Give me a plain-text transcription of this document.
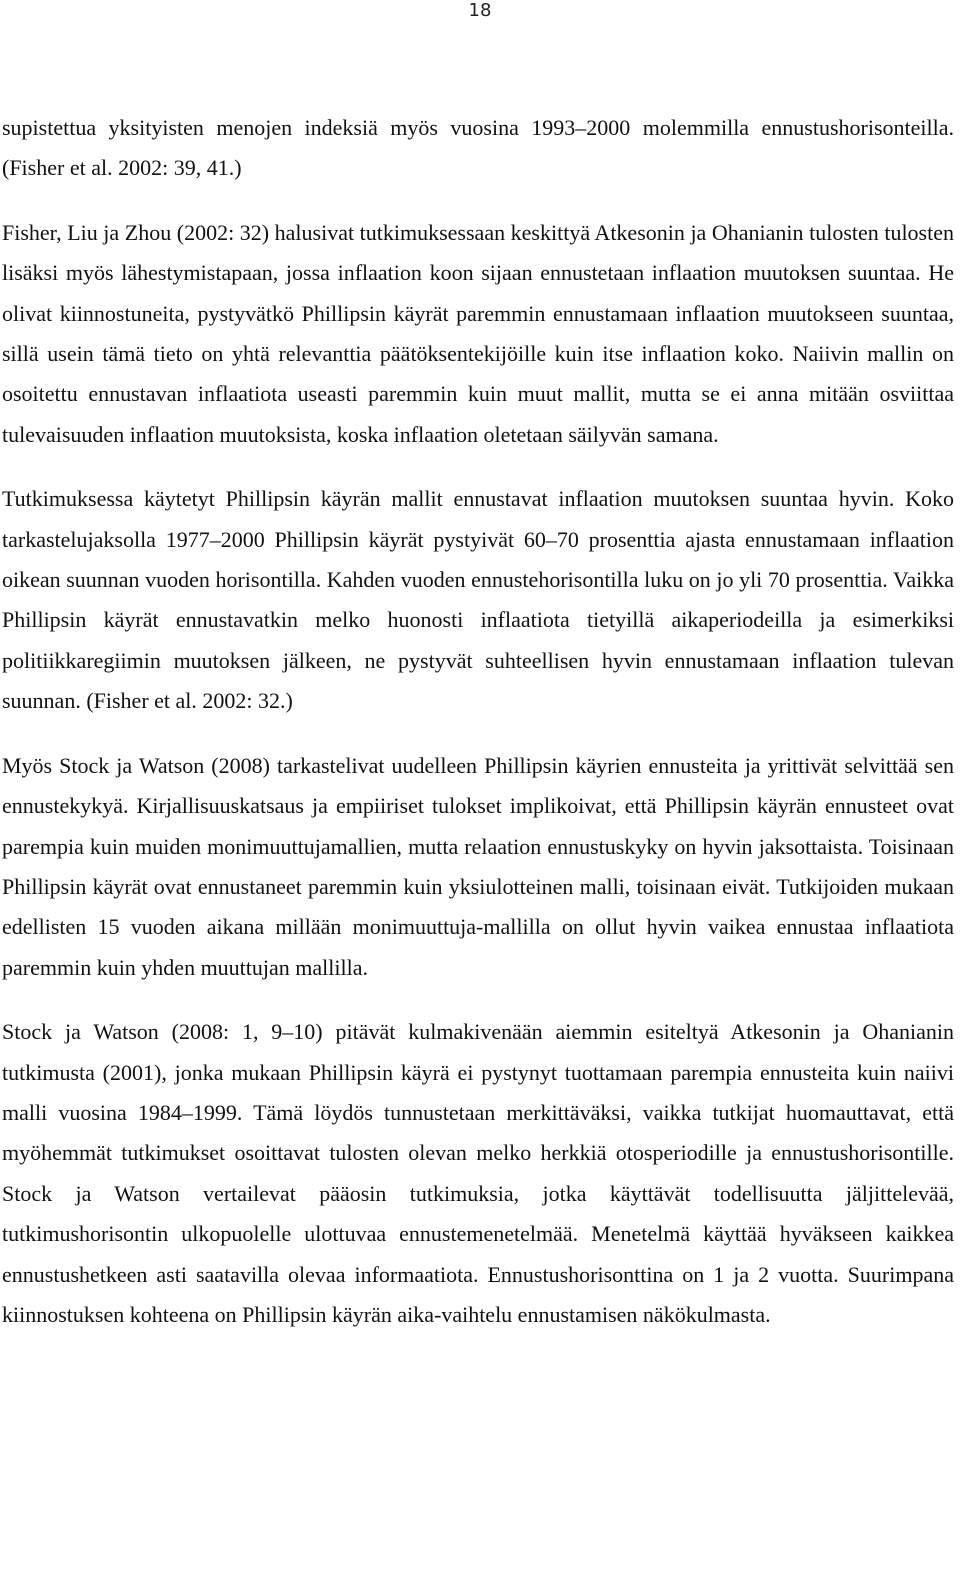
18

supistettua yksityisten menojen indeksiä myös vuosina 1993–2000 molemmilla ennustushorisonteilla. (Fisher et al. 2002: 39, 41.)

Fisher, Liu ja Zhou (2002: 32) halusivat tutkimuksessaan keskittyä Atkesonin ja Ohanianin tulosten tulosten lisäksi myös lähestymistapaan, jossa inflaation koon sijaan ennustetaan inflaation muutoksen suuntaa. He olivat kiinnostuneita, pystyvätkö Phillipsin käyrät paremmin ennustamaan inflaation muutokseen suuntaa, sillä usein tämä tieto on yhtä relevanttia päätöksentekijöille kuin itse inflaation koko. Naiivin mallin on osoitettu ennustavan inflaatiota useasti paremmin kuin muut mallit, mutta se ei anna mitään osviittaa tulevaisuuden inflaation muutoksista, koska inflaation oletetaan säilyvän samana.

Tutkimuksessa käytetyt Phillipsin käyrän mallit ennustavat inflaation muutoksen suuntaa hyvin. Koko tarkastelujaksolla 1977–2000 Phillipsin käyrät pystyivät 60–70 prosenttia ajasta ennustamaan inflaation oikean suunnan vuoden horisontilla. Kahden vuoden ennustehorisontilla luku on jo yli 70 prosenttia. Vaikka Phillipsin käyrät ennustavatkin melko huonosti inflaatiota tietyillä aikaperiodeilla ja esimerkiksi politiikkaregiimin muutoksen jälkeen, ne pystyvät suhteellisen hyvin ennustamaan inflaation tulevan suunnan. (Fisher et al. 2002: 32.)

Myös Stock ja Watson (2008) tarkastelivat uudelleen Phillipsin käyrien ennusteita ja yrittivät selvittää sen ennustekykyä. Kirjallisuuskatsaus ja empiiriset tulokset implikoivat, että Phillipsin käyrän ennusteet ovat parempia kuin muiden monimuuttujamallien, mutta relaation ennustuskyky on hyvin jaksottaista. Toisinaan Phillipsin käyrät ovat ennustaneet paremmin kuin yksiulotteinen malli, toisinaan eivät. Tutkijoiden mukaan edellisten 15 vuoden aikana millään monimuuttuja-mallilla on ollut hyvin vaikea ennustaa inflaatiota paremmin kuin yhden muuttujan mallilla.

Stock ja Watson (2008: 1, 9–10) pitävät kulmakivenään aiemmin esiteltyä Atkesonin ja Ohanianin tutkimusta (2001), jonka mukaan Phillipsin käyrä ei pystynyt tuottamaan parempia ennusteita kuin naiivi malli vuosina 1984–1999. Tämä löydös tunnustetaan merkittäväksi, vaikka tutkijat huomauttavat, että myöhemmät tutkimukset osoittavat tulosten olevan melko herkkiä otosperiodille ja ennustushorisontille. Stock ja Watson vertailevat pääosin tutkimuksia, jotka käyttävät todellisuutta jäljittelevää, tutkimushorisontin ulkopuolelle ulottuvaa ennustemenetelmää. Menetelmä käyttää hyväkseen kaikkea ennustushetkeen asti saatavilla olevaa informaatiota. Ennustushorisonttina on 1 ja 2 vuotta. Suurimpana kiinnostuksen kohteena on Phillipsin käyrän aika-vaihtelu ennustamisen näkökulmasta.
